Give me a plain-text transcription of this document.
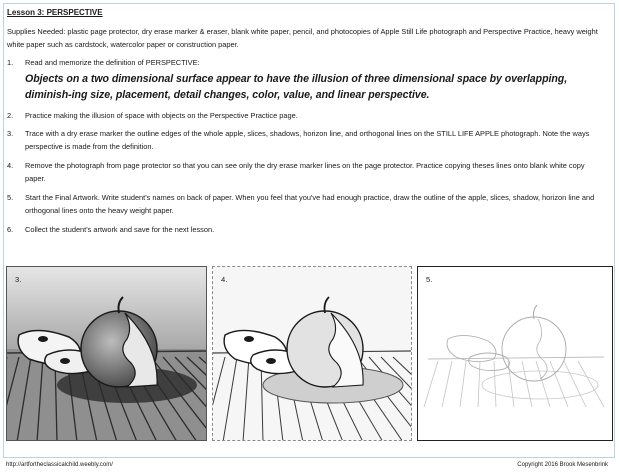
Lesson 3: PERSPECTIVE
Supplies Needed: plastic page protector, dry erase marker & eraser, blank white paper, pencil, and photocopies of Apple Still Life photograph and Perspective Practice, heavy weight white paper such as cardstock, watercolor paper or construction paper.
1. Read and memorize the definition of PERSPECTIVE:
Objects on a two dimensional surface appear to have the illusion of three dimensional space by overlapping, diminish-ing size, placement, detail changes, color, value, and linear perspective.
2. Practice making the illusion of space with objects on the Perspective Practice page.
3. Trace with a dry erase marker the outline edges of the whole apple, slices, shadows, horizon line, and orthogonal lines on the STILL LIFE APPLE photograph. Note the ways perspective is made from the definition.
4. Remove the photograph from page protector so that you can see only the dry erase marker lines on the page protector. Practice copying theses lines onto blank white copy paper.
5. Start the Final Artwork. Write student's names on back of paper. When you feel that you've had enough practice, draw the outline of the apple, slices, shadow, horizon line and orthogonal lines onto the heavy weight paper.
6. Collect the student's artwork and save for the next lesson.
3.	4.	5.
http://artfortheclassicalchild.weebly.com/	Copyright 2016 Brook Mesenbrink
